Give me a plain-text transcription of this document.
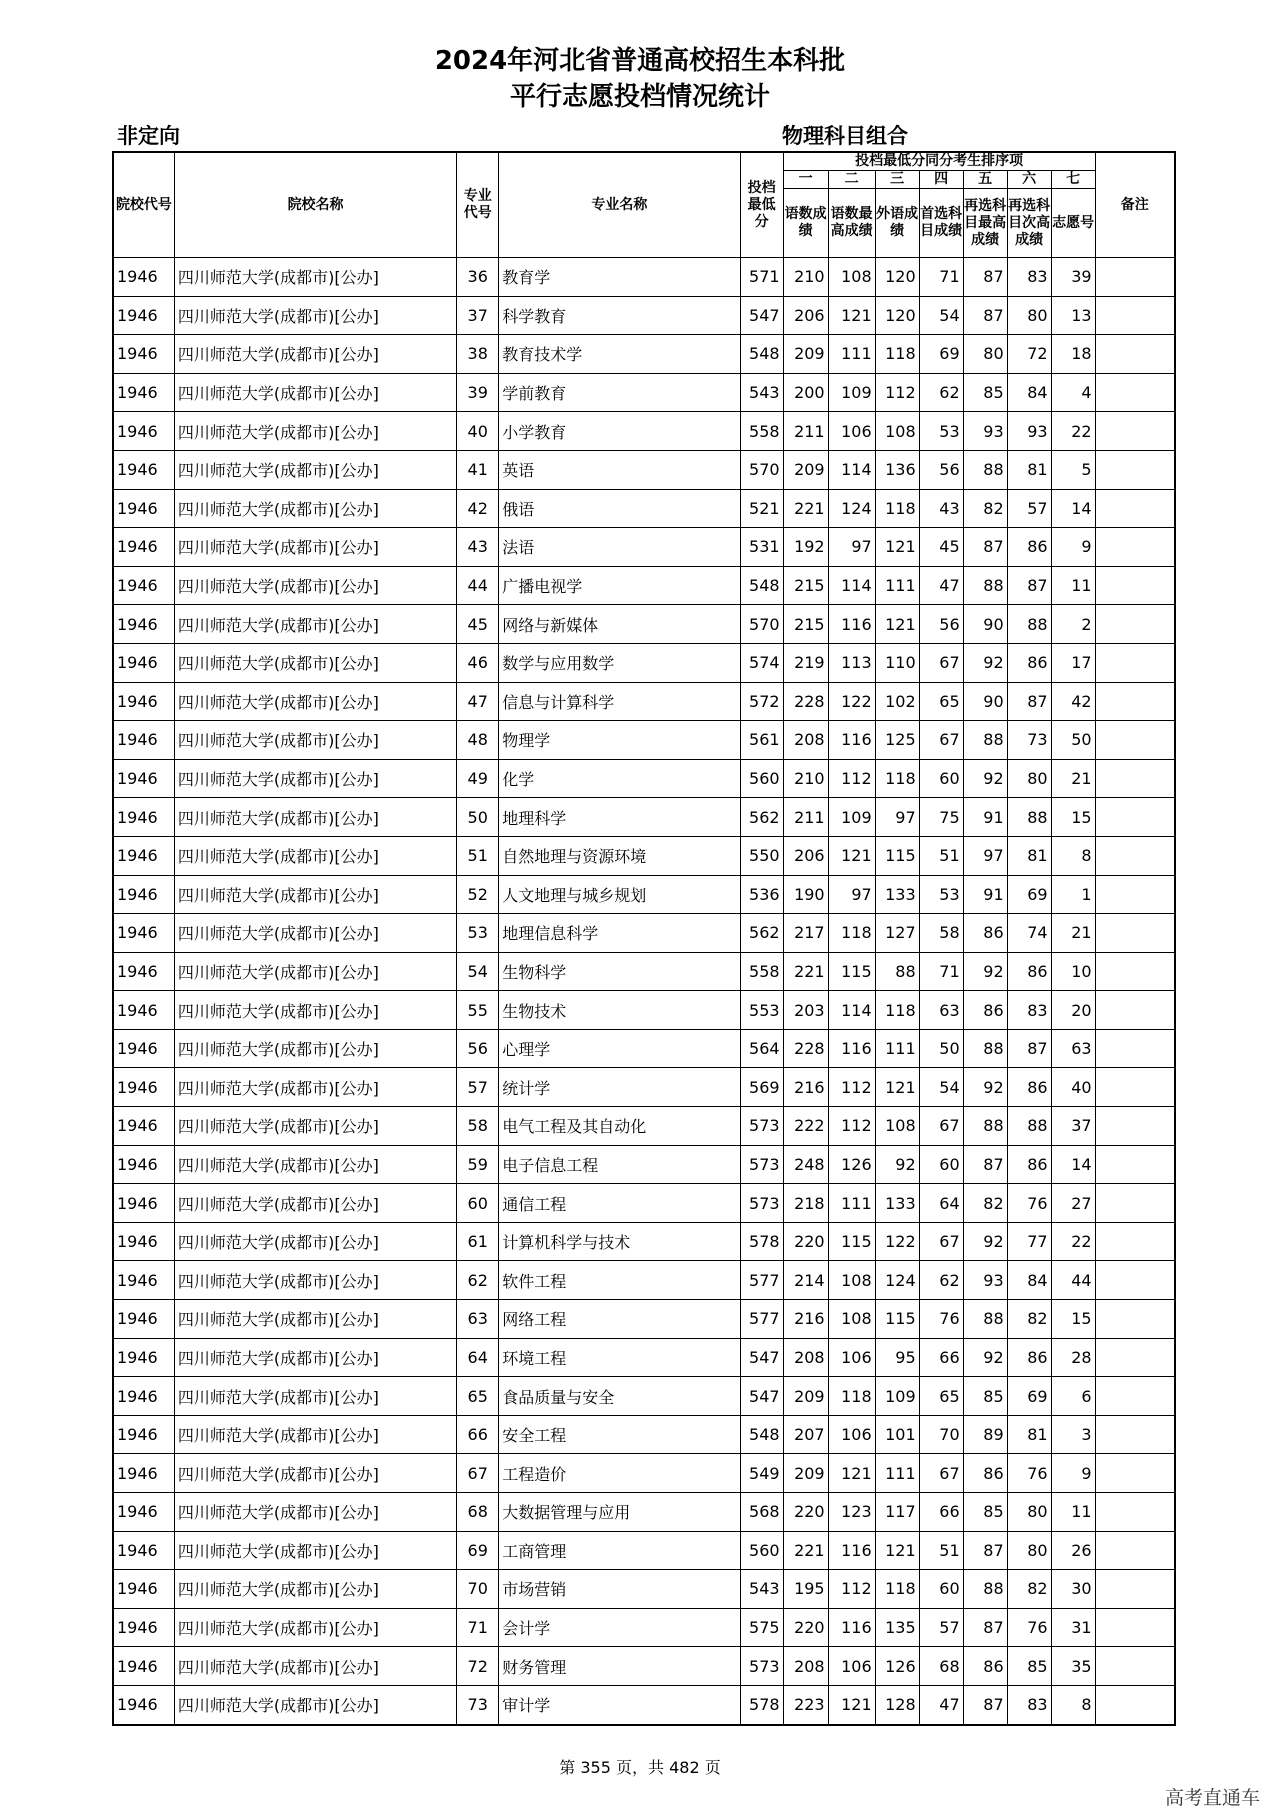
2024年河北省普通高校招生本科批
平行志愿投档情况统计
非定向	物理科目组合
院校代号	院校名称	专业代号	专业名称	投档最低分	投档最低分同分考生排序项							备注
					一	二	三	四	五	六	七	
					语数成绩	语数最高成绩	外语成绩	首选科目成绩	再选科目最高成绩	再选科目次高成绩	志愿号	
1946	四川师范大学(成都市)[公办]	36	教育学	571	210	108	120	71	87	83	39	
1946	四川师范大学(成都市)[公办]	37	科学教育	547	206	121	120	54	87	80	13	
1946	四川师范大学(成都市)[公办]	38	教育技术学	548	209	111	118	69	80	72	18	
1946	四川师范大学(成都市)[公办]	39	学前教育	543	200	109	112	62	85	84	4	
1946	四川师范大学(成都市)[公办]	40	小学教育	558	211	106	108	53	93	93	22	
1946	四川师范大学(成都市)[公办]	41	英语	570	209	114	136	56	88	81	5	
1946	四川师范大学(成都市)[公办]	42	俄语	521	221	124	118	43	82	57	14	
1946	四川师范大学(成都市)[公办]	43	法语	531	192	97	121	45	87	86	9	
1946	四川师范大学(成都市)[公办]	44	广播电视学	548	215	114	111	47	88	87	11	
1946	四川师范大学(成都市)[公办]	45	网络与新媒体	570	215	116	121	56	90	88	2	
1946	四川师范大学(成都市)[公办]	46	数学与应用数学	574	219	113	110	67	92	86	17	
1946	四川师范大学(成都市)[公办]	47	信息与计算科学	572	228	122	102	65	90	87	42	
1946	四川师范大学(成都市)[公办]	48	物理学	561	208	116	125	67	88	73	50	
1946	四川师范大学(成都市)[公办]	49	化学	560	210	112	118	60	92	80	21	
1946	四川师范大学(成都市)[公办]	50	地理科学	562	211	109	97	75	91	88	15	
1946	四川师范大学(成都市)[公办]	51	自然地理与资源环境	550	206	121	115	51	97	81	8	
1946	四川师范大学(成都市)[公办]	52	人文地理与城乡规划	536	190	97	133	53	91	69	1	
1946	四川师范大学(成都市)[公办]	53	地理信息科学	562	217	118	127	58	86	74	21	
1946	四川师范大学(成都市)[公办]	54	生物科学	558	221	115	88	71	92	86	10	
1946	四川师范大学(成都市)[公办]	55	生物技术	553	203	114	118	63	86	83	20	
1946	四川师范大学(成都市)[公办]	56	心理学	564	228	116	111	50	88	87	63	
1946	四川师范大学(成都市)[公办]	57	统计学	569	216	112	121	54	92	86	40	
1946	四川师范大学(成都市)[公办]	58	电气工程及其自动化	573	222	112	108	67	88	88	37	
1946	四川师范大学(成都市)[公办]	59	电子信息工程	573	248	126	92	60	87	86	14	
1946	四川师范大学(成都市)[公办]	60	通信工程	573	218	111	133	64	82	76	27	
1946	四川师范大学(成都市)[公办]	61	计算机科学与技术	578	220	115	122	67	92	77	22	
1946	四川师范大学(成都市)[公办]	62	软件工程	577	214	108	124	62	93	84	44	
1946	四川师范大学(成都市)[公办]	63	网络工程	577	216	108	115	76	88	82	15	
1946	四川师范大学(成都市)[公办]	64	环境工程	547	208	106	95	66	92	86	28	
1946	四川师范大学(成都市)[公办]	65	食品质量与安全	547	209	118	109	65	85	69	6	
1946	四川师范大学(成都市)[公办]	66	安全工程	548	207	106	101	70	89	81	3	
1946	四川师范大学(成都市)[公办]	67	工程造价	549	209	121	111	67	86	76	9	
1946	四川师范大学(成都市)[公办]	68	大数据管理与应用	568	220	123	117	66	85	80	11	
1946	四川师范大学(成都市)[公办]	69	工商管理	560	221	116	121	51	87	80	26	
1946	四川师范大学(成都市)[公办]	70	市场营销	543	195	112	118	60	88	82	30	
1946	四川师范大学(成都市)[公办]	71	会计学	575	220	116	135	57	87	76	31	
1946	四川师范大学(成都市)[公办]	72	财务管理	573	208	106	126	68	86	85	35	
1946	四川师范大学(成都市)[公办]	73	审计学	578	223	121	128	47	87	83	8	
第 355 页，共 482 页
高考直通车
